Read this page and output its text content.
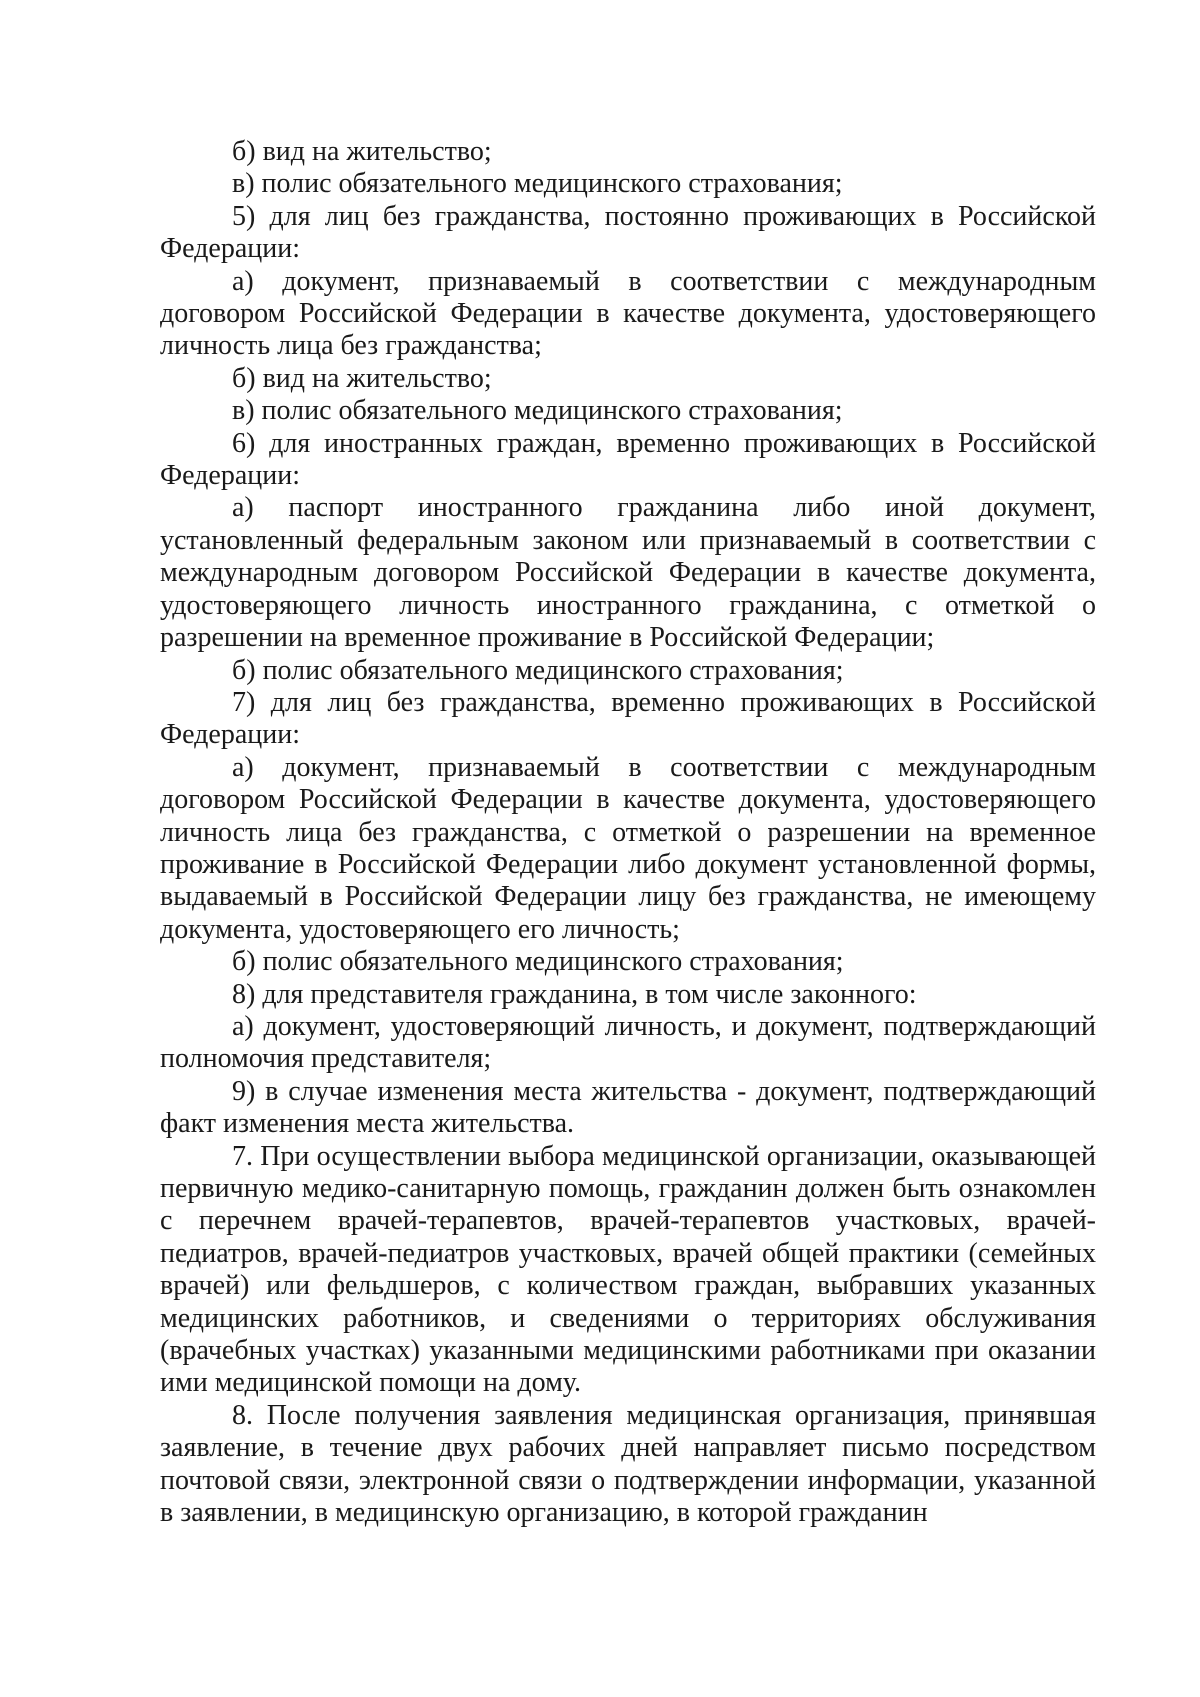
б) вид на жительство;

в) полис обязательного медицинского страхования;

5) для лиц без гражданства, постоянно проживающих в Российской Федерации:

а) документ, признаваемый в соответствии с международным договором Российской Федерации в качестве документа, удостоверяющего личность лица без гражданства;

б) вид на жительство;

в) полис обязательного медицинского страхования;

6) для иностранных граждан, временно проживающих в Российской Федерации:

а) паспорт иностранного гражданина либо иной документ, установленный федеральным законом или признаваемый в соответствии с международным договором Российской Федерации в качестве документа, удостоверяющего личность иностранного гражданина, с отметкой о разрешении на временное проживание в Российской Федерации;

б) полис обязательного медицинского страхования;

7) для лиц без гражданства, временно проживающих в Российской Федерации:

а) документ, признаваемый в соответствии с международным договором Российской Федерации в качестве документа, удостоверяющего личность лица без гражданства, с отметкой о разрешении на временное проживание в Российской Федерации либо документ установленной формы, выдаваемый в Российской Федерации лицу без гражданства, не имеющему документа, удостоверяющего его личность;

б) полис обязательного медицинского страхования;

8) для представителя гражданина, в том числе законного:

а) документ, удостоверяющий личность, и документ, подтверждающий полномочия представителя;

9) в случае изменения места жительства - документ, подтверждающий факт изменения места жительства.

7. При осуществлении выбора медицинской организации, оказывающей первичную медико-санитарную помощь, гражданин должен быть ознакомлен с перечнем врачей-терапевтов, врачей-терапевтов участковых, врачей-педиатров, врачей-педиатров участковых, врачей общей практики (семейных врачей) или фельдшеров, с количеством граждан, выбравших указанных медицинских работников, и сведениями о территориях обслуживания (врачебных участках) указанными медицинскими работниками при оказании ими медицинской помощи на дому.

8. После получения заявления медицинская организация, принявшая заявление, в течение двух рабочих дней направляет письмо посредством почтовой связи, электронной связи о подтверждении информации, указанной в заявлении, в медицинскую организацию, в которой гражданин
